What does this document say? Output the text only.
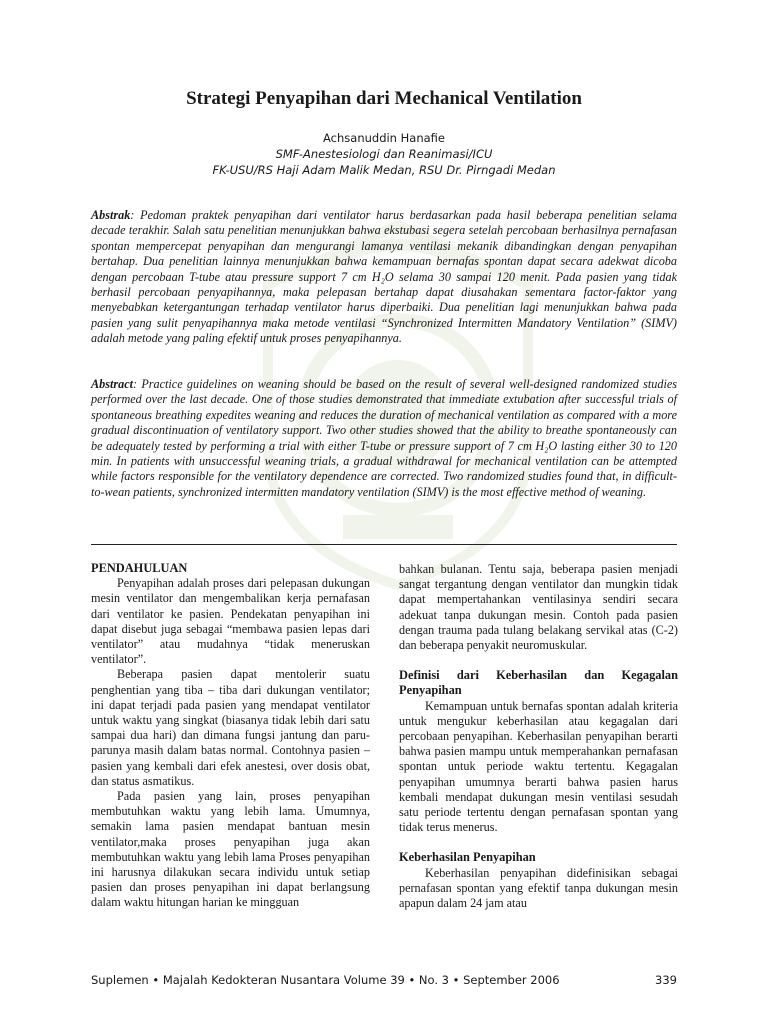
Strategi Penyapihan dari Mechanical Ventilation
Achsanuddin Hanafie
SMF-Anestesiologi dan Reanimasi/ICU
FK-USU/RS Haji Adam Malik Medan, RSU Dr. Pirngadi Medan
Abstrak: Pedoman praktek penyapihan dari ventilator harus berdasarkan pada hasil beberapa penelitian selama decade terakhir. Salah satu penelitian menunjukkan bahwa ekstubasi segera setelah percobaan berhasilnya pernafasan spontan mempercepat penyapihan dan mengurangi lamanya ventilasi mekanik dibandingkan dengan penyapihan bertahap. Dua penelitian lainnya menunjukkan bahwa kemampuan bernafas spontan dapat secara adekwat dicoba dengan percobaan T-tube atau pressure support 7 cm H₂O selama 30 sampai 120 menit. Pada pasien yang tidak berhasil percobaan penyapihannya, maka pelepasan bertahap dapat diusahakan sementara factor-faktor yang menyebabkan ketergantungan terhadap ventilator harus diperbaiki. Dua penelitian lagi menunjukkan bahwa pada pasien yang sulit penyapihannya maka metode ventilasi “Synchronized Intermitten Mandatory Ventilation” (SIMV) adalah metode yang paling efektif untuk proses penyapihannya.
Abstract: Practice guidelines on weaning should be based on the result of several well-designed randomized studies performed over the last decade. One of those studies demonstrated that immediate extubation after successful trials of spontaneous breathing expedites weaning and reduces the duration of mechanical ventilation as compared with a more gradual discontinuation of ventilatory support. Two other studies showed that the ability to breathe spontaneously can be adequately tested by performing a trial with either T-tube or pressure support of 7 cm H₂O lasting either 30 to 120 min. In patients with unsuccessful weaning trials, a gradual withdrawal for mechanical ventilation can be attempted while factors responsible for the ventilatory dependence are corrected. Two randomized studies found that, in difficult-to-wean patients, synchronized intermitten mandatory ventilation (SIMV) is the most effective method of weaning.
PENDAHULUAN

Penyapihan adalah proses dari pelepasan dukungan mesin ventilator dan mengembalikan kerja pernafasan dari ventilator ke pasien. Pendekatan penyapihan ini dapat disebut juga sebagai “membawa pasien lepas dari ventilator” atau mudahnya “tidak meneruskan ventilator”.

Beberapa pasien dapat mentolerir suatu penghentian yang tiba – tiba dari dukungan ventilator; ini dapat terjadi pada pasien yang mendapat ventilator untuk waktu yang singkat (biasanya tidak lebih dari satu sampai dua hari) dan dimana fungsi jantung dan paru-parunya masih dalam batas normal. Contohnya pasien – pasien yang kembali dari efek anestesi, over dosis obat, dan status asmatikus.

Pada pasien yang lain, proses penyapihan membutuhkan waktu yang lebih lama. Umumnya, semakin lama pasien mendapat bantuan mesin ventilator,maka proses penyapihan juga akan membutuhkan waktu yang lebih lama Proses penyapihan ini harusnya dilakukan secara individu untuk setiap pasien dan proses penyapihan ini dapat berlangsung dalam waktu hitungan harian ke mingguan

bahkan bulanan. Tentu saja, beberapa pasien menjadi sangat tergantung dengan ventilator dan mungkin tidak dapat mempertahankan ventilasinya sendiri secara adekuat tanpa dukungan mesin. Contoh pada pasien dengan trauma pada tulang belakang servikal atas (C-2) dan beberapa penyakit neuromuskular.

Definisi dari Keberhasilan dan Kegagalan Penyapihan

Kemampuan untuk bernafas spontan adalah kriteria untuk mengukur keberhasilan atau kegagalan dari percobaan penyapihan. Keberhasilan penyapihan berarti bahwa pasien mampu untuk memperahankan pernafasan spontan untuk periode waktu tertentu. Kegagalan penyapihan umumnya berarti bahwa pasien harus kembali mendapat dukungan mesin ventilasi sesudah satu periode tertentu dengan pernafasan spontan yang tidak terus menerus.

Keberhasilan Penyapihan

Keberhasilan penyapihan didefinisikan sebagai pernafasan spontan yang efektif tanpa dukungan mesin apapun dalam 24 jam atau

Suplemen • Majalah Kedokteran Nusantara Volume 39 • No. 3 • September 2006	339
